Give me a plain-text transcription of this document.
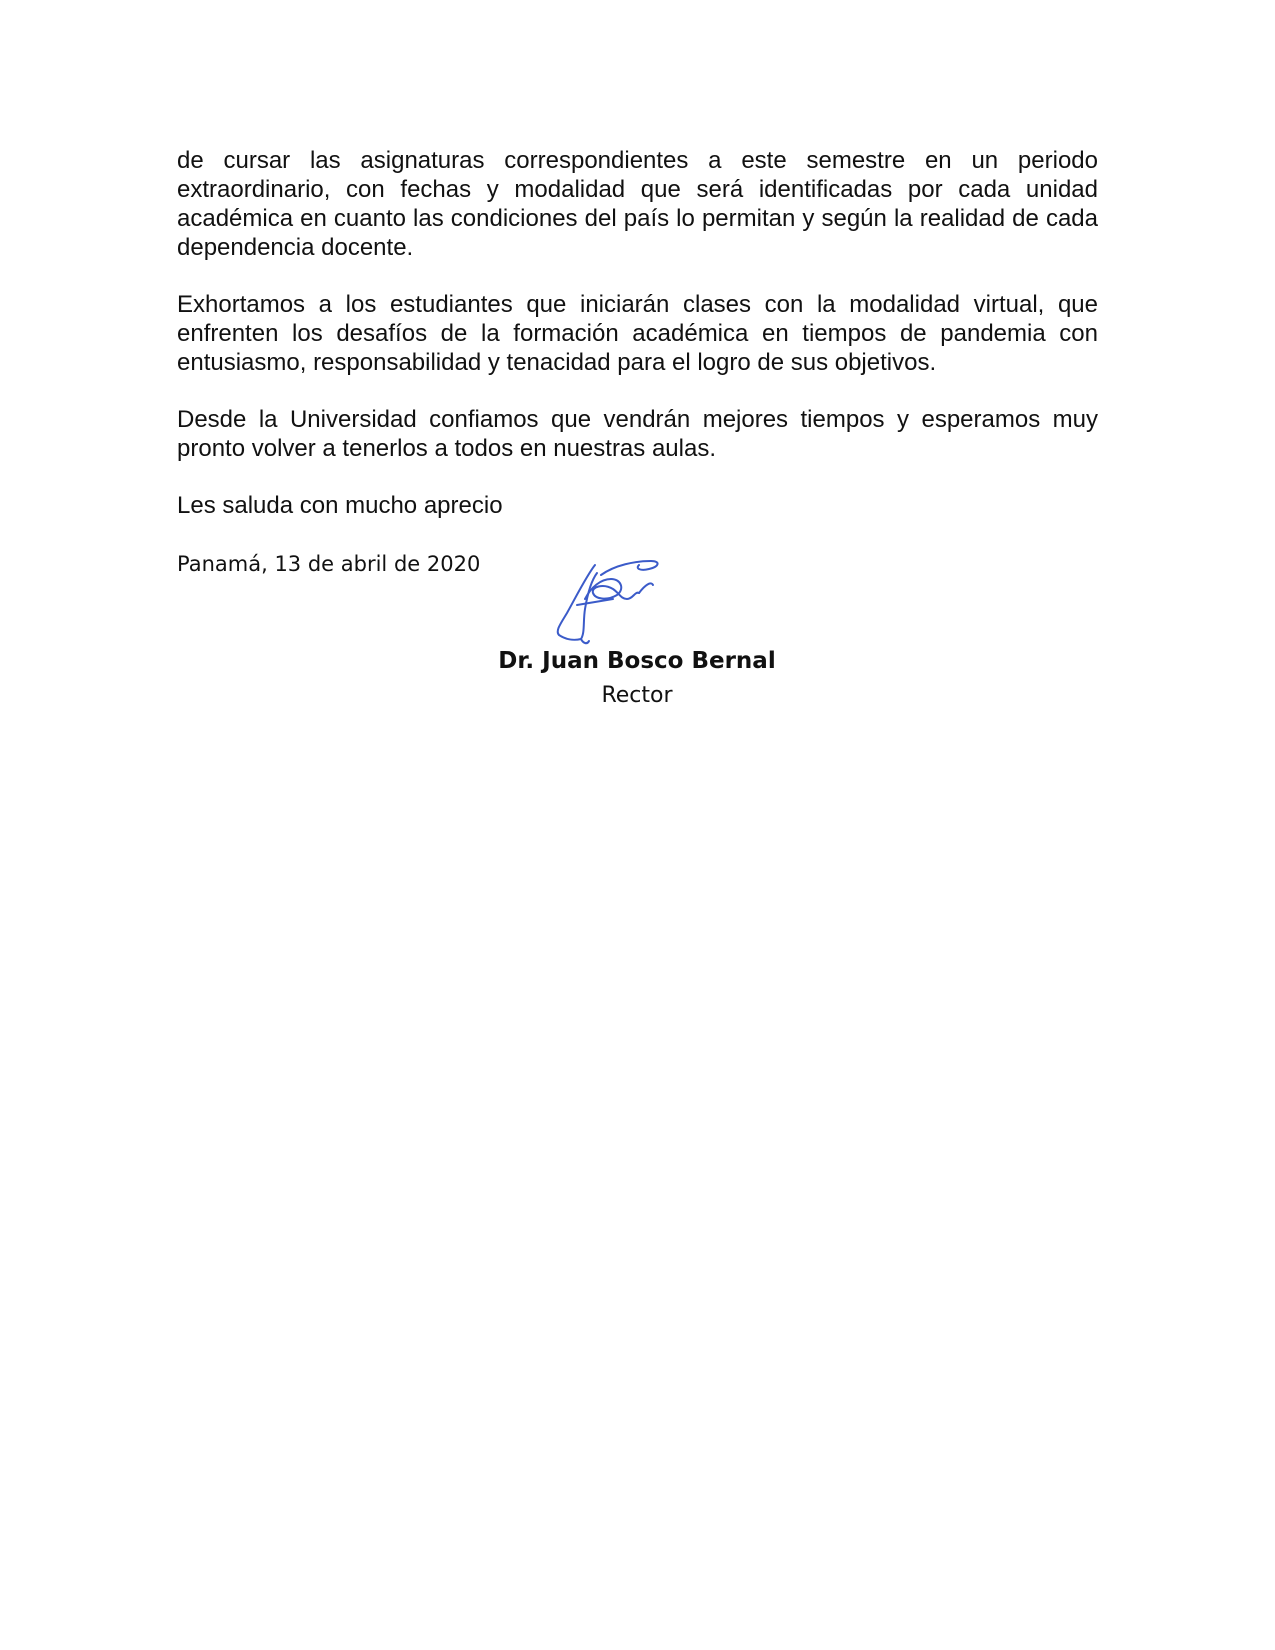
de cursar las asignaturas correspondientes a este semestre en un periodo extraordinario, con fechas y modalidad que será identificadas por cada unidad académica en cuanto las condiciones del país lo permitan y según la realidad de cada dependencia docente.

Exhortamos a los estudiantes que iniciarán clases con la modalidad virtual, que enfrenten los desafíos de la formación académica en tiempos de pandemia con entusiasmo, responsabilidad y tenacidad para el logro de sus objetivos.

Desde la Universidad confiamos que vendrán mejores tiempos y esperamos muy pronto volver a tenerlos a todos en nuestras aulas.

Les saluda con mucho aprecio

Panamá, 13 de abril de 2020
Dr. Juan Bosco Bernal
Rector
